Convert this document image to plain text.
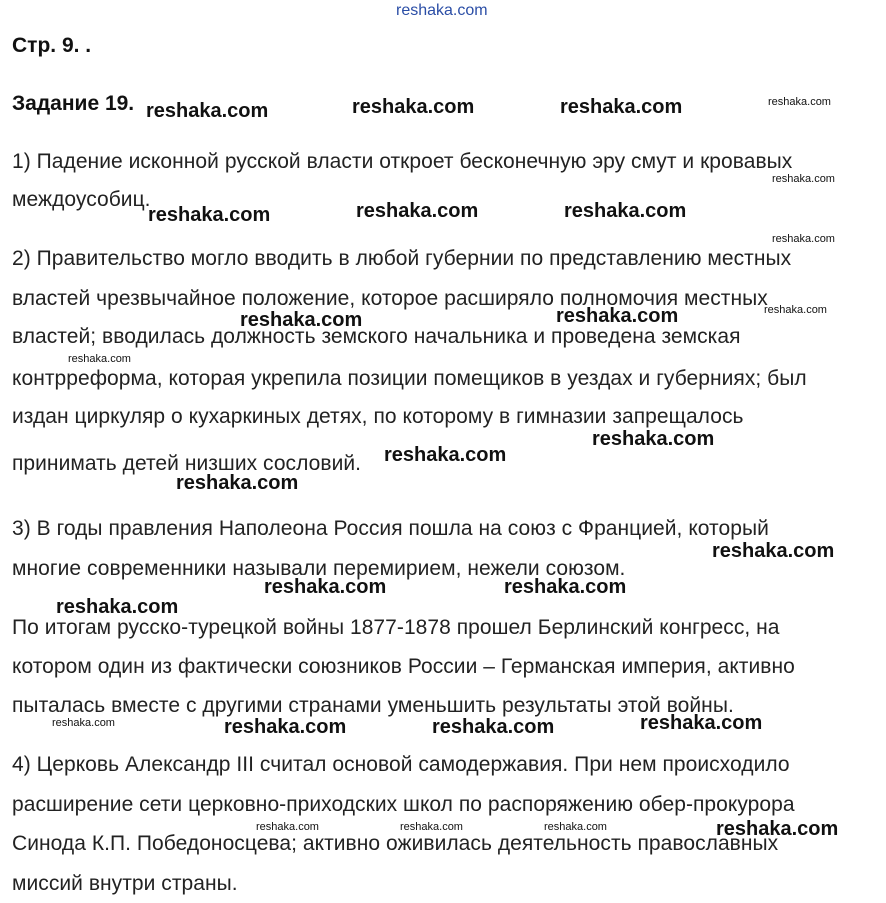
reshaka.com
Стр. 9. .
Задание 19.
1) Падение исконной русской власти откроет бесконечную эру смут и кровавых
междоусобиц.
2) Правительство могло вводить в любой губернии по представлению местных
властей чрезвычайное положение, которое расширяло полномочия местных
властей; вводилась должность земского начальника и проведена земская
контрреформа, которая укрепила позиции помещиков в уездах и губерниях; был
издан циркуляр о кухаркиных детях, по которому в гимназии запрещалось
принимать детей низших сословий.
3) В годы правления Наполеона Россия пошла на союз с Францией, который
многие современники называли перемирием, нежели союзом.
По итогам русско-турецкой войны 1877-1878 прошел Берлинский конгресс, на
котором один из фактически союзников России – Германская империя, активно
пыталась вместе с другими странами уменьшить результаты этой войны.
4) Церковь Александр III считал основой самодержавия. При нем происходило
расширение сети церковно-приходских школ по распоряжению обер-прокурора
Синода К.П. Победоносцева; активно оживилась деятельность православных
миссий внутри страны.
reshaka.com	reshaka.com	reshaka.com
reshaka.com	reshaka.com	reshaka.com
reshaka.com	reshaka.com
reshaka.com
reshaka.com
reshaka.com
reshaka.com
reshaka.com	reshaka.com
reshaka.com
reshaka.com
reshaka.com	reshaka.com
reshaka.com
reshaka.com
reshaka.com
reshaka.com
reshaka.com
reshaka.com
reshaka.com
reshaka.com	reshaka.com	reshaka.com
